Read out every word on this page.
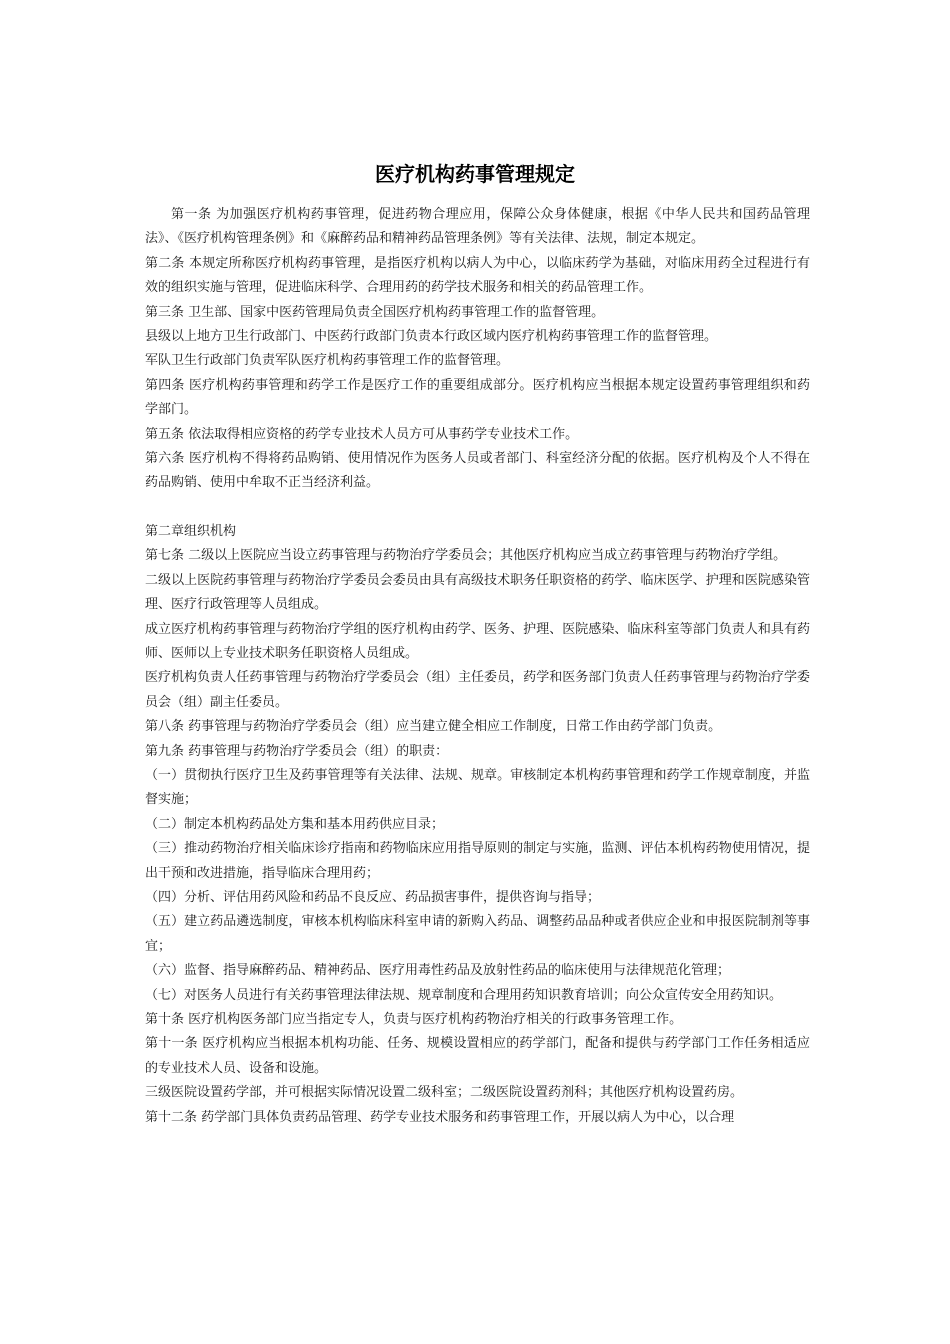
医疗机构药事管理规定

第一条 为加强医疗机构药事管理，促进药物合理应用，保障公众身体健康，根据《中华人民共和国药品管理法》、《医疗机构管理条例》和《麻醉药品和精神药品管理条例》等有关法律、法规，制定本规定。

第二条 本规定所称医疗机构药事管理，是指医疗机构以病人为中心，以临床药学为基础，对临床用药全过程进行有效的组织实施与管理，促进临床科学、合理用药的药学技术服务和相关的药品管理工作。

第三条 卫生部、国家中医药管理局负责全国医疗机构药事管理工作的监督管理。

县级以上地方卫生行政部门、中医药行政部门负责本行政区域内医疗机构药事管理工作的监督管理。

军队卫生行政部门负责军队医疗机构药事管理工作的监督管理。

第四条 医疗机构药事管理和药学工作是医疗工作的重要组成部分。医疗机构应当根据本规定设置药事管理组织和药学部门。

第五条 依法取得相应资格的药学专业技术人员方可从事药学专业技术工作。

第六条 医疗机构不得将药品购销、使用情况作为医务人员或者部门、科室经济分配的依据。医疗机构及个人不得在药品购销、使用中牟取不正当经济利益。

第二章组织机构

第七条 二级以上医院应当设立药事管理与药物治疗学委员会；其他医疗机构应当成立药事管理与药物治疗学组。

二级以上医院药事管理与药物治疗学委员会委员由具有高级技术职务任职资格的药学、临床医学、护理和医院感染管理、医疗行政管理等人员组成。

成立医疗机构药事管理与药物治疗学组的医疗机构由药学、医务、护理、医院感染、临床科室等部门负责人和具有药师、医师以上专业技术职务任职资格人员组成。

医疗机构负责人任药事管理与药物治疗学委员会（组）主任委员，药学和医务部门负责人任药事管理与药物治疗学委员会（组）副主任委员。

第八条 药事管理与药物治疗学委员会（组）应当建立健全相应工作制度，日常工作由药学部门负责。

第九条 药事管理与药物治疗学委员会（组）的职责：

（一）贯彻执行医疗卫生及药事管理等有关法律、法规、规章。审核制定本机构药事管理和药学工作规章制度，并监督实施；

（二）制定本机构药品处方集和基本用药供应目录；

（三）推动药物治疗相关临床诊疗指南和药物临床应用指导原则的制定与实施，监测、评估本机构药物使用情况，提出干预和改进措施，指导临床合理用药；

（四）分析、评估用药风险和药品不良反应、药品损害事件，提供咨询与指导；

（五）建立药品遴选制度，审核本机构临床科室申请的新购入药品、调整药品品种或者供应企业和申报医院制剂等事宜；

（六）监督、指导麻醉药品、精神药品、医疗用毒性药品及放射性药品的临床使用与法律规范化管理；

（七）对医务人员进行有关药事管理法律法规、规章制度和合理用药知识教育培训；向公众宣传安全用药知识。

第十条 医疗机构医务部门应当指定专人，负责与医疗机构药物治疗相关的行政事务管理工作。

第十一条 医疗机构应当根据本机构功能、任务、规模设置相应的药学部门，配备和提供与药学部门工作任务相适应的专业技术人员、设备和设施。

三级医院设置药学部，并可根据实际情况设置二级科室；二级医院设置药剂科；其他医疗机构设置药房。

第十二条 药学部门具体负责药品管理、药学专业技术服务和药事管理工作，开展以病人为中心，以合理
